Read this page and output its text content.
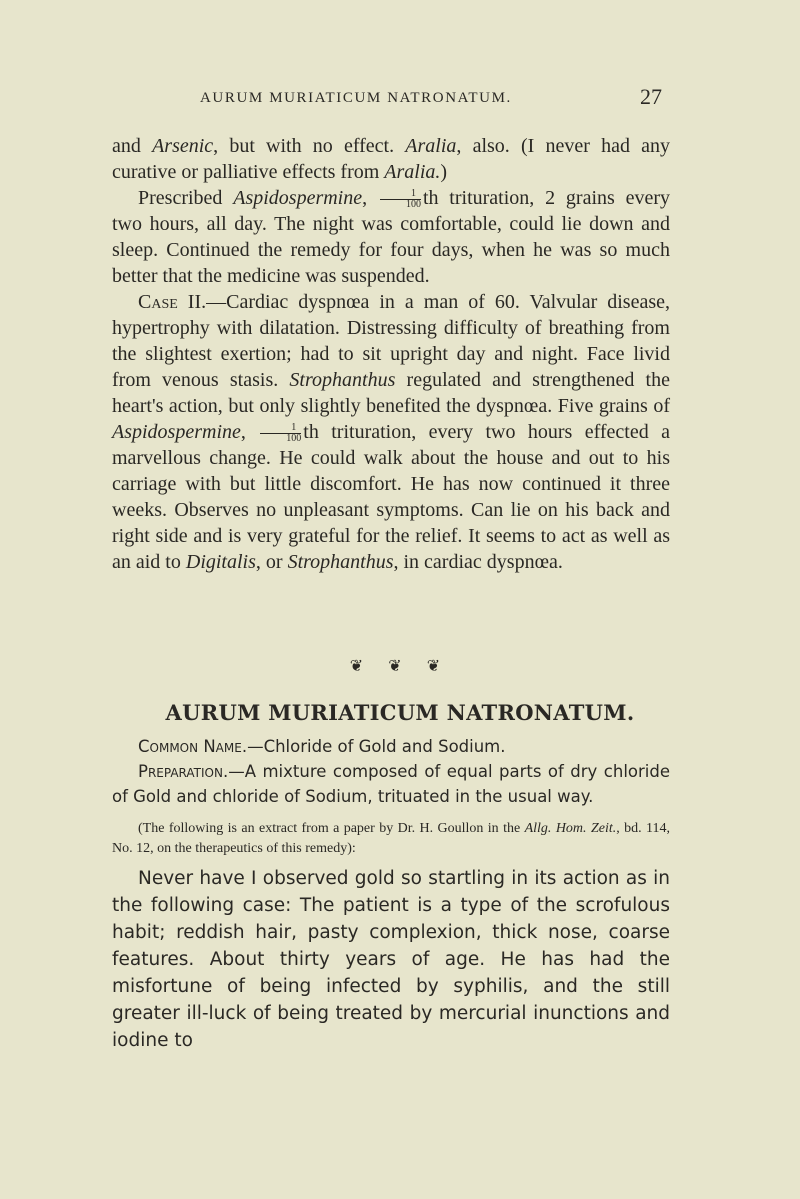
AURUM MURIATICUM NATRONATUM.	27

and Arsenic, but with no effect. Aralia, also. (I never had any curative or palliative effects from Aralia.)

Prescribed Aspidospermine, $\frac{1}{100}$ th trituration, 2 grains every two hours, all day. The night was comfortable, could lie down and sleep. Continued the remedy for four days, when he was so much better that the medicine was suspended.

Case II.—Cardiac dyspnœa in a man of 60. Valvular disease, hypertrophy with dilatation. Distressing difficulty of breathing from the slightest exertion; had to sit upright day and night. Face livid from venous stasis. Strophanthus regulated and strengthened the heart's action, but only slightly benefited the dyspnœa. Five grains of Aspidospermine, $\frac{1}{100}$ th trituration, every two hours effected a marvellous change. He could walk about the house and out to his carriage with but little discomfort. He has now continued it three weeks. Observes no unpleasant symptoms. Can lie on his back and right side and is very grateful for the relief. It seems to act as well as an aid to Digitalis, or Strophanthus, in cardiac dyspnœa.

❦ ❦ ❦
AURUM MURIATICUM NATRONATUM.

Common Name.—Chloride of Gold and Sodium.

Preparation.—A mixture composed of equal parts of dry chloride of Gold and chloride of Sodium, trituated in the usual way.

(The following is an extract from a paper by Dr. H. Goullon in the Allg. Hom. Zeit., bd. 114, No. 12, on the therapeutics of this remedy):

Never have I observed gold so startling in its action as in the following case: The patient is a type of the scrofulous habit; reddish hair, pasty complexion, thick nose, coarse features. About thirty years of age. He has had the misfortune of being infected by syphilis, and the still greater ill-luck of being treated by mercurial inunctions and iodine to
